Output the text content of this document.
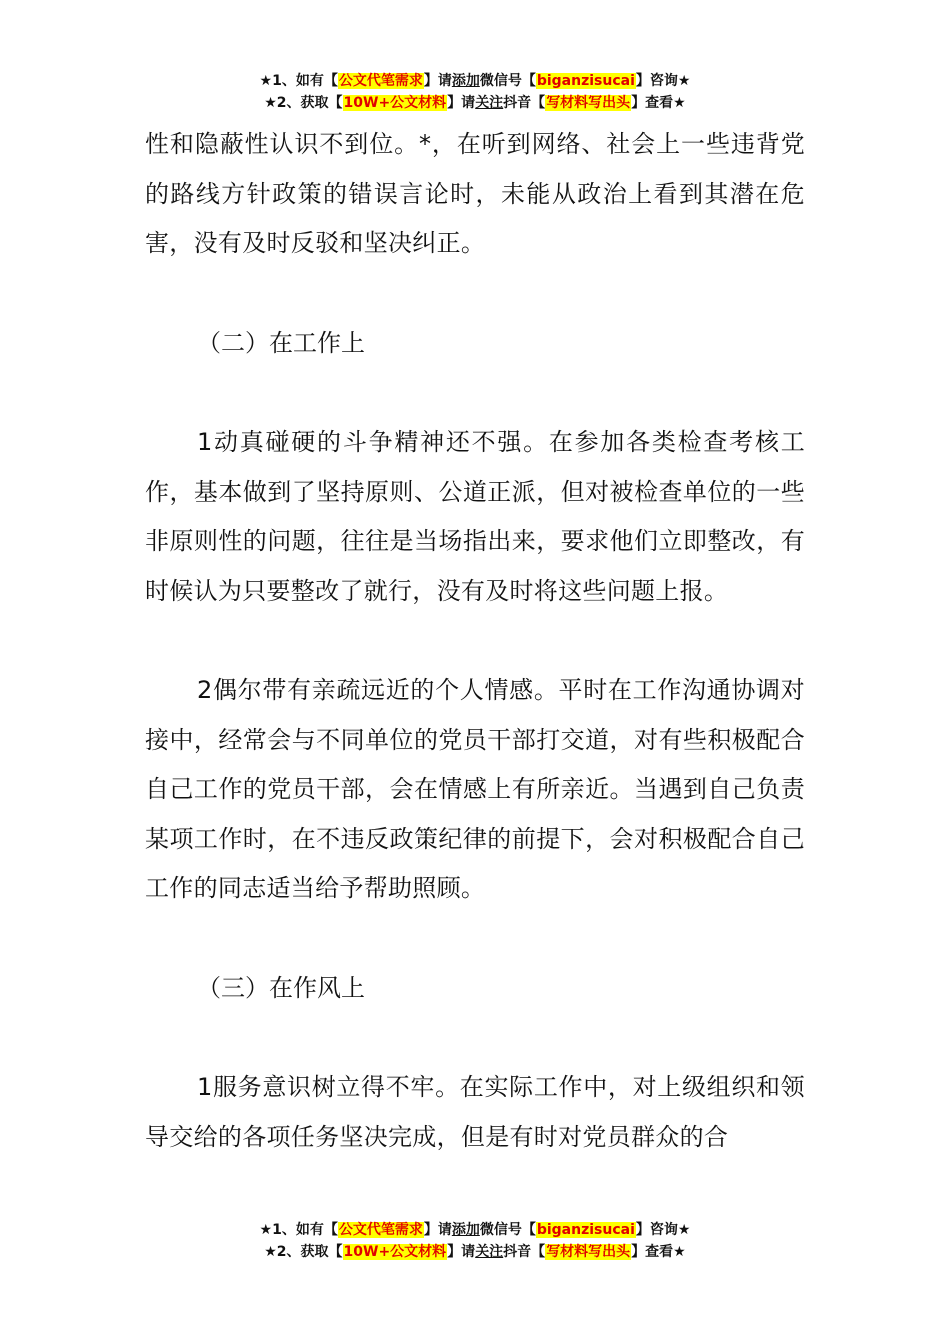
★1、如有【公文代笔需求】请添加微信号【biganzisucai】咨询★
★2、获取【10W+公文材料】请关注抖音【写材料写出头】查看★

性和隐蔽性认识不到位。*，在听到网络、社会上一些违背党的路线方针政策的错误言论时，未能从政治上看到其潜在危害，没有及时反驳和坚决纠正。

（二）在工作上

1动真碰硬的斗争精神还不强。在参加各类检查考核工作，基本做到了坚持原则、公道正派，但对被检查单位的一些非原则性的问题，往往是当场指出来，要求他们立即整改，有时候认为只要整改了就行，没有及时将这些问题上报。

2偶尔带有亲疏远近的个人情感。平时在工作沟通协调对接中，经常会与不同单位的党员干部打交道，对有些积极配合自己工作的党员干部，会在情感上有所亲近。当遇到自己负责某项工作时，在不违反政策纪律的前提下，会对积极配合自己工作的同志适当给予帮助照顾。

（三）在作风上

1服务意识树立得不牢。在实际工作中，对上级组织和领导交给的各项任务坚决完成，但是有时对党员群众的合

★1、如有【公文代笔需求】请添加微信号【biganzisucai】咨询★
★2、获取【10W+公文材料】请关注抖音【写材料写出头】查看★
